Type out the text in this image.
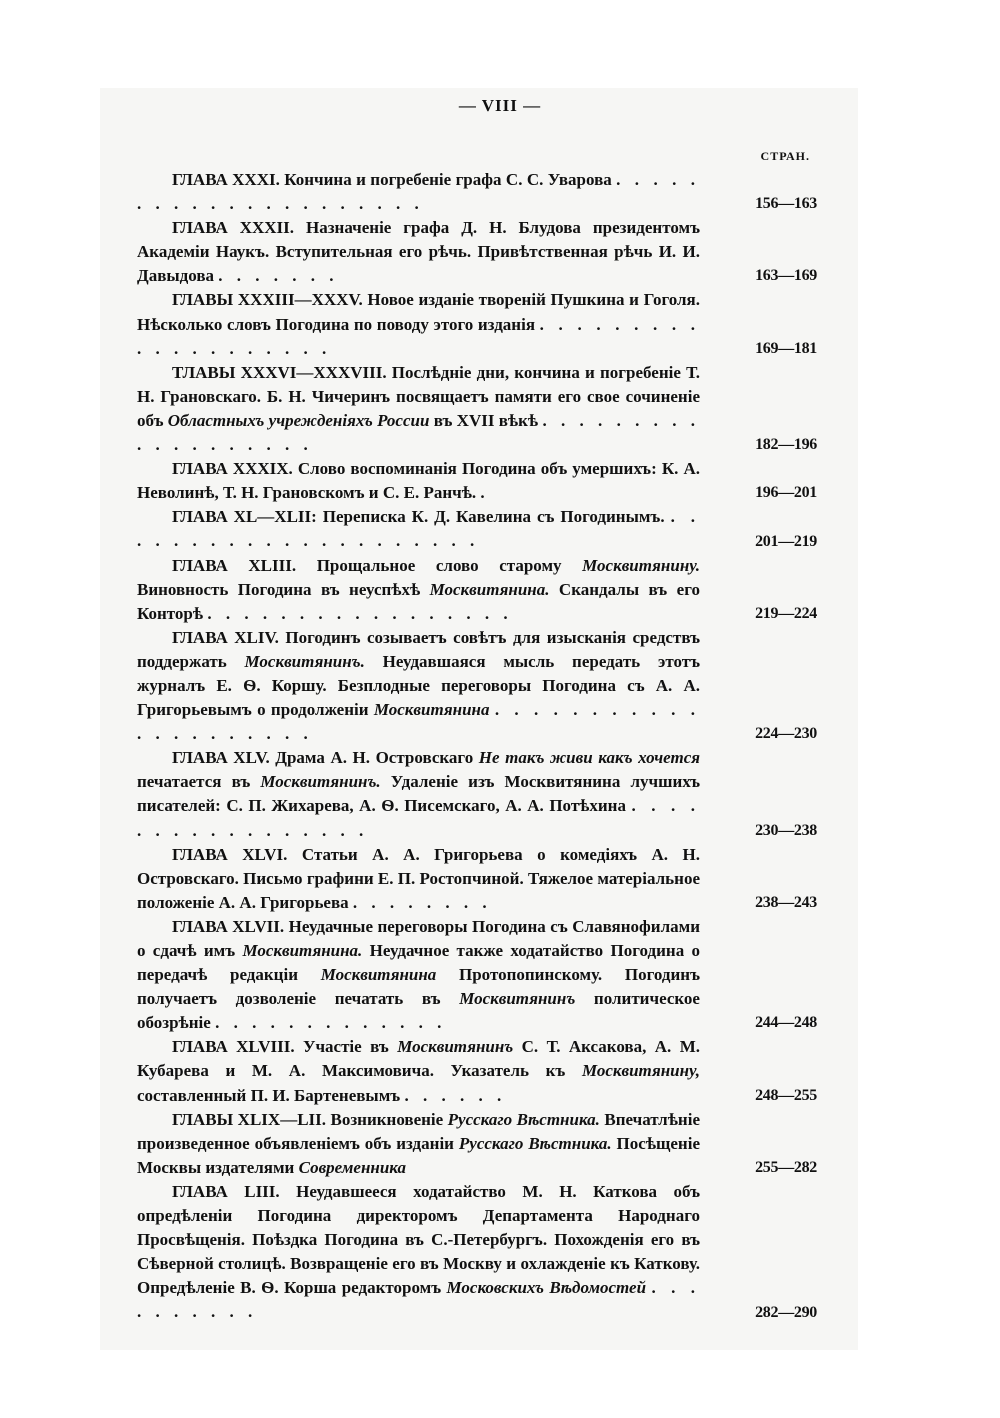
— VIII —
СТРАН.

ГЛАВА XXXI. Кончина и погребеніе графа С. С. Уварова . . . . . . . . . . . . . . . . . . . . .	156—163

ГЛАВА XXXII. Назначеніе графа Д. Н. Блудова президентомъ Академіи Наукъ. Вступительная его рѣчь. Привѣтственная рѣчь И. И. Давыдова . . . . . . .	163—169

ГЛАВЫ XXXIII—XXXV. Новое изданіе твореній Пушкина и Гоголя. Нѣсколько словъ Погодина по поводу этого изданія . . . . . . . . . . . . . . . . . . . .	169—181

ТЛАВЫ XXXVI—XXXVIII. Послѣдніе дни, кончина и погребеніе Т. Н. Грановскаго. Б. Н. Чичеринъ посвящаетъ памяти его свое сочиненіе объ Областныхъ учрежденіяхъ России въ XVII вѣкѣ . . . . . . . . . . . . . . . . . . .	182—196

ГЛАВА XXXIX. Слово воспоминанія Погодина объ умершихъ: К. А. Неволинѣ, Т. Н. Грановскомъ и С. Е. Ранчѣ. .	196—201

ГЛАВА XL—XLII: Переписка К. Д. Кавелина съ Погодинымъ. . . . . . . . . . . . . . . . . . . . . .	201—219

ГЛАВА XLIII. Прощальное слово старому Москвитянину. Виновность Погодина въ неуспѣхѣ Москвитянина. Скандалы въ его Конторѣ . . . . . . . . . . . . . . . . .	219—224

ГЛАВА XLIV. Погодинъ созываетъ совѣтъ для изысканія средствъ поддержать Москвитянинъ. Неудавшаяся мысль передать этотъ журналъ Е. Ѳ. Коршу. Безплодные переговоры Погодина съ А. А. Григорьевымъ о продолженіи Москвитянина . . . . . . . . . . . . . . . . . . . . .	224—230

ГЛАВА XLV. Драма А. Н. Островскаго Не такъ живи какъ хочется печатается въ Москвитянинъ. Удаленіе изъ Москвитянина лучшихъ писателей: С. П. Жихарева, А. Ѳ. Писемскаго, А. А. Потѣхина . . . . . . . . . . . . . . . . .	230—238

ГЛАВА XLVI. Статьи А. А. Григорьева о комедіяхъ А. Н. Островскаго. Письмо графини Е. П. Ростопчиной. Тяжелое матеріальное положеніе А. А. Григорьева . . . . . . . .	238—243

ГЛАВА XLVII. Неудачные переговоры Погодина съ Славянофилами о сдачѣ имъ Москвитянина. Неудачное также ходатайство Погодина о передачѣ редакціи Москвитянина Протопопинскому. Погодинъ получаетъ дозволеніе печатать въ Москвитянинъ политическое обозрѣніе . . . . . . . . . . . . .	244—248

ГЛАВА XLVIII. Участіе въ Москвитянинъ С. Т. Аксакова, А. М. Кубарева и М. А. Максимовича. Указатель къ Москвитянину, составленный П. И. Бартеневымъ . . . . . .	248—255

ГЛАВЫ XLIX—LII. Возникновеніе Русскаго Вѣстника. Впечатлѣніе произведенное объявленіемъ объ изданіи Русскаго Вѣстника. Посѣщеніе Москвы издателями Современника	255—282

ГЛАВА LIII. Неудавшееся ходатайство М. Н. Каткова объ опредѣленіи Погодина директоромъ Департамента Народнаго Просвѣщенія. Поѣздка Погодина въ С.-Петербургъ. Похожденія его въ Сѣверной столицѣ. Возвращеніе его въ Москву и охлажденіе къ Каткову. Опредѣленіе В. Ѳ. Корша редакторомъ Московскихъ Вѣдомостей . . . . . . . . . .	282—290
